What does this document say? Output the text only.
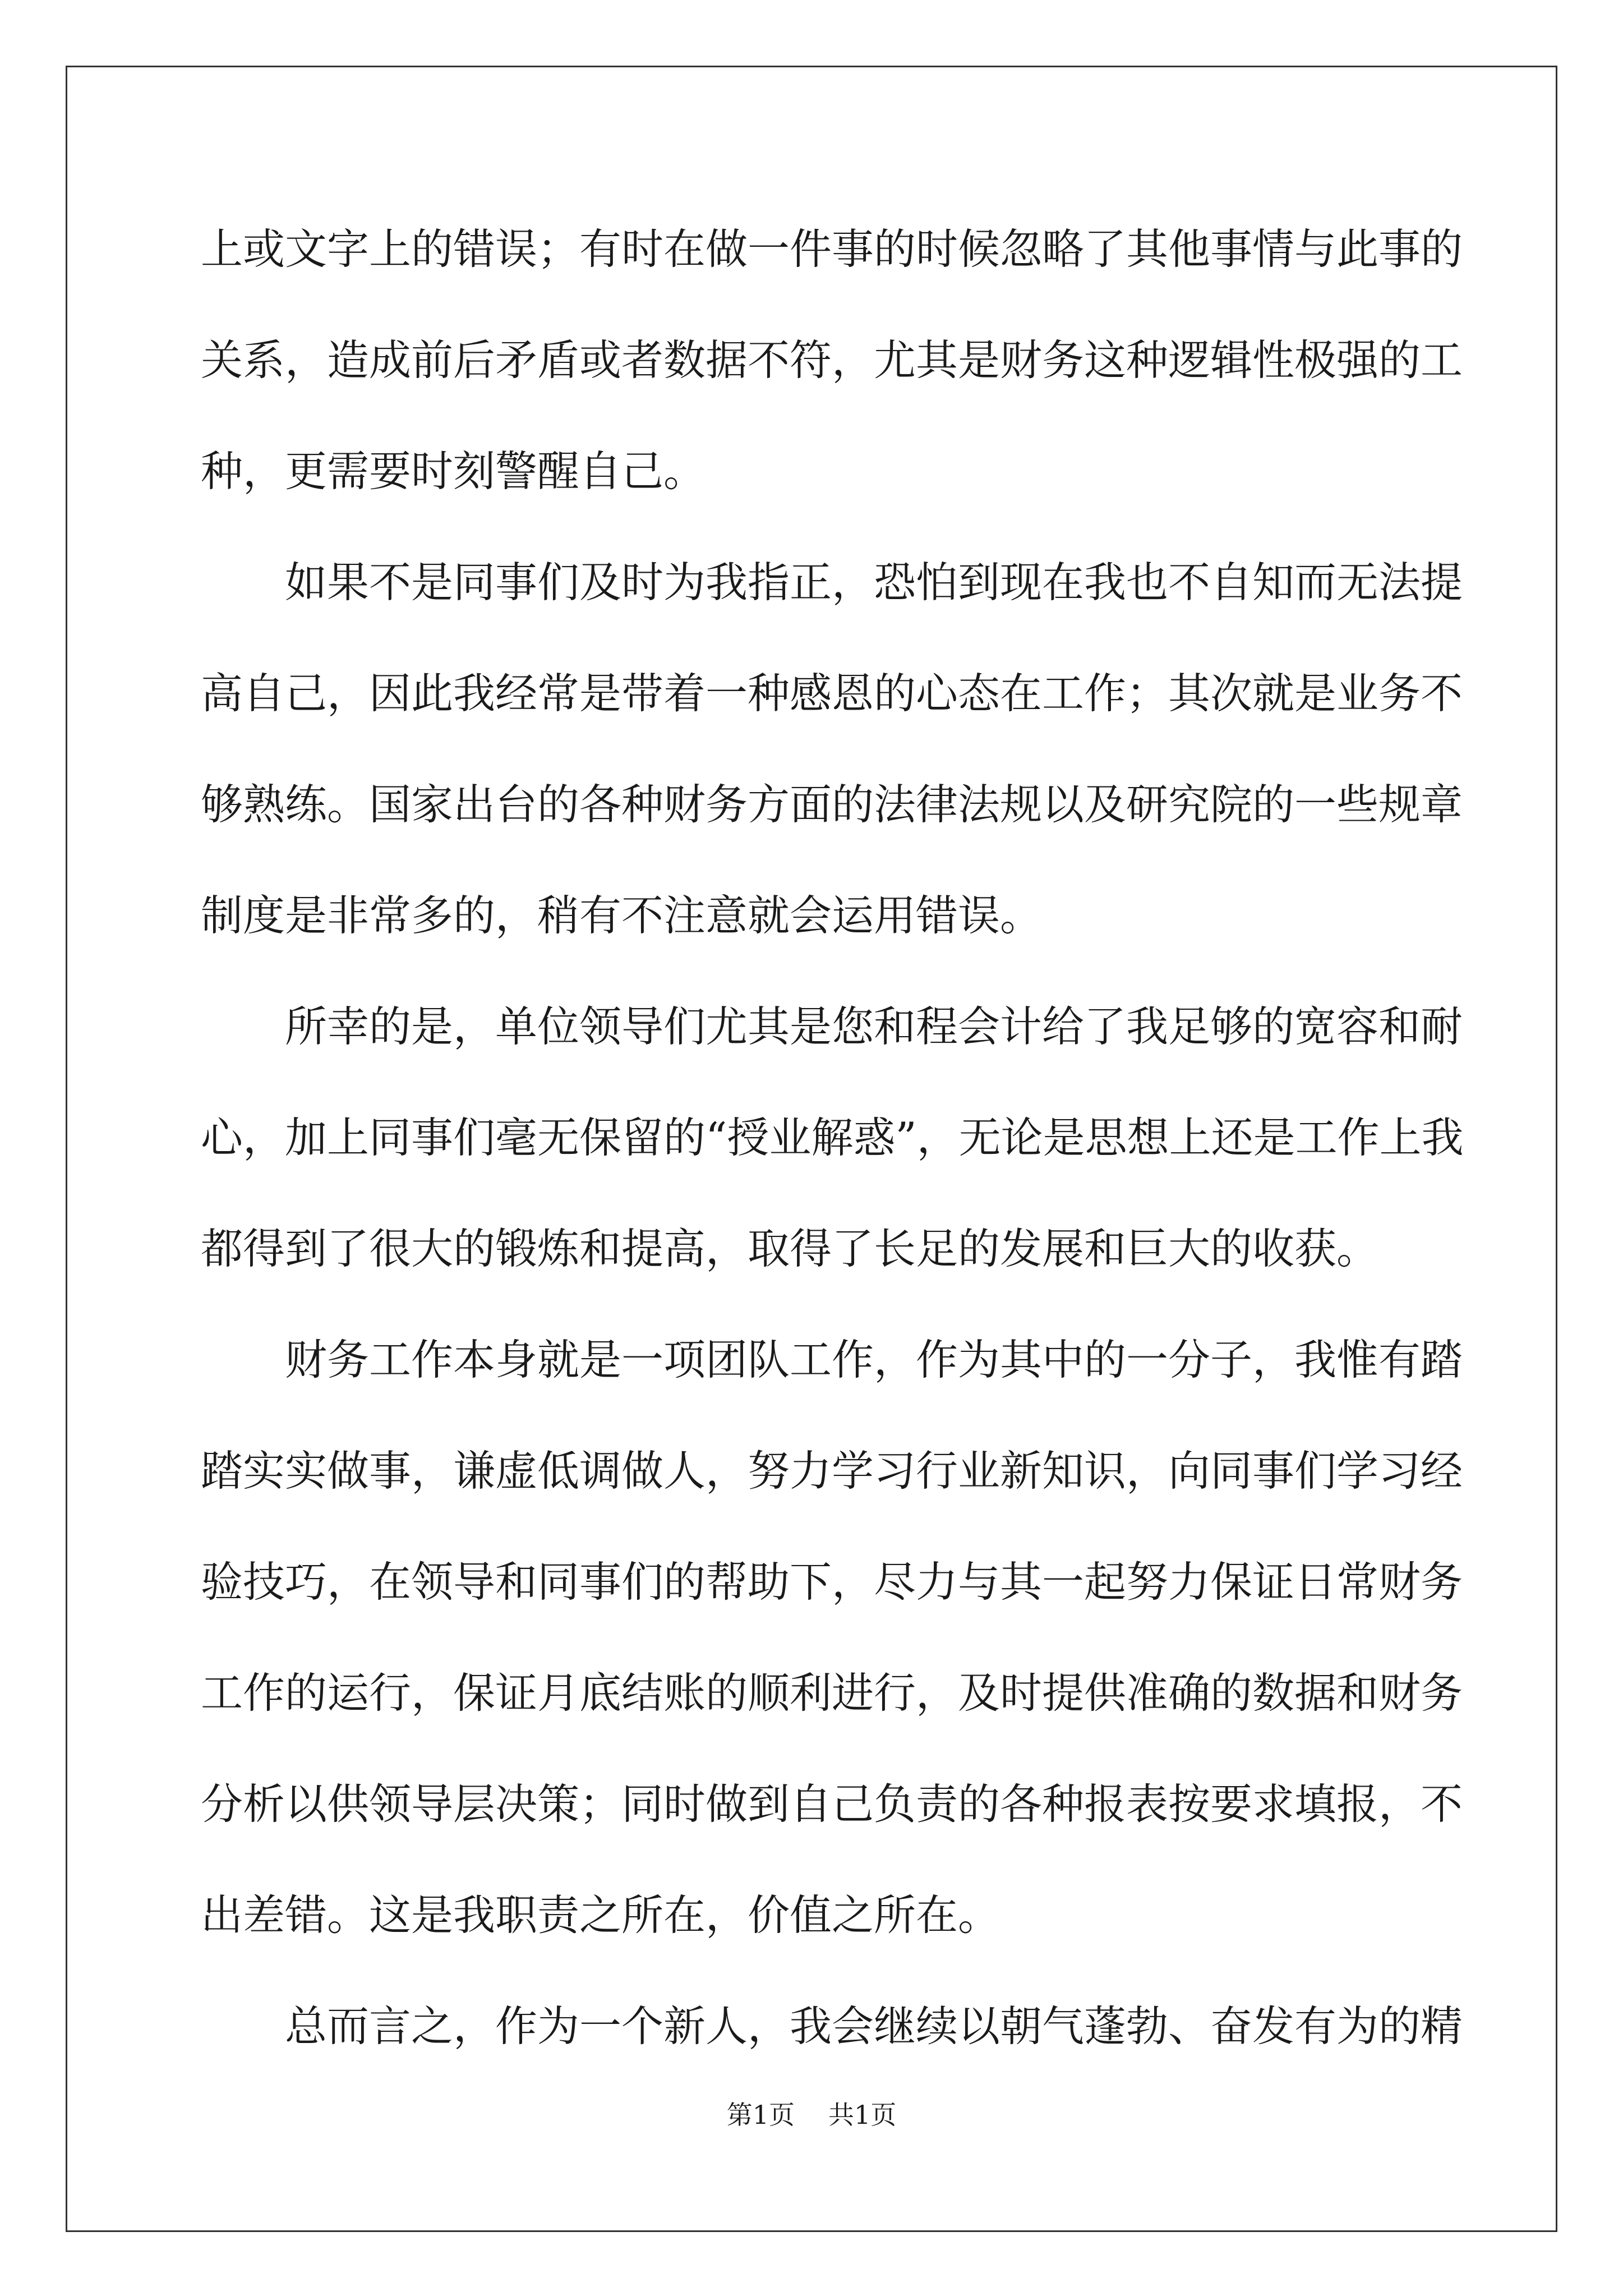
上或文字上的错误；有时在做一件事的时候忽略了其他事情与此事的
关系，造成前后矛盾或者数据不符，尤其是财务这种逻辑性极强的工
种，更需要时刻警醒自己。
　　如果不是同事们及时为我指正，恐怕到现在我也不自知而无法提
高自己，因此我经常是带着一种感恩的心态在工作；其次就是业务不
够熟练。国家出台的各种财务方面的法律法规以及研究院的一些规章
制度是非常多的，稍有不注意就会运用错误。
　　所幸的是，单位领导们尤其是您和程会计给了我足够的宽容和耐
心，加上同事们毫无保留的“授业解惑”，无论是思想上还是工作上我
都得到了很大的锻炼和提高，取得了长足的发展和巨大的收获。
　　财务工作本身就是一项团队工作，作为其中的一分子，我惟有踏
踏实实做事，谦虚低调做人，努力学习行业新知识，向同事们学习经
验技巧，在领导和同事们的帮助下，尽力与其一起努力保证日常财务
工作的运行，保证月底结账的顺利进行，及时提供准确的数据和财务
分析以供领导层决策；同时做到自己负责的各种报表按要求填报，不
出差错。这是我职责之所在，价值之所在。
　　总而言之，作为一个新人，我会继续以朝气蓬勃、奋发有为的精
第1页 共1页
